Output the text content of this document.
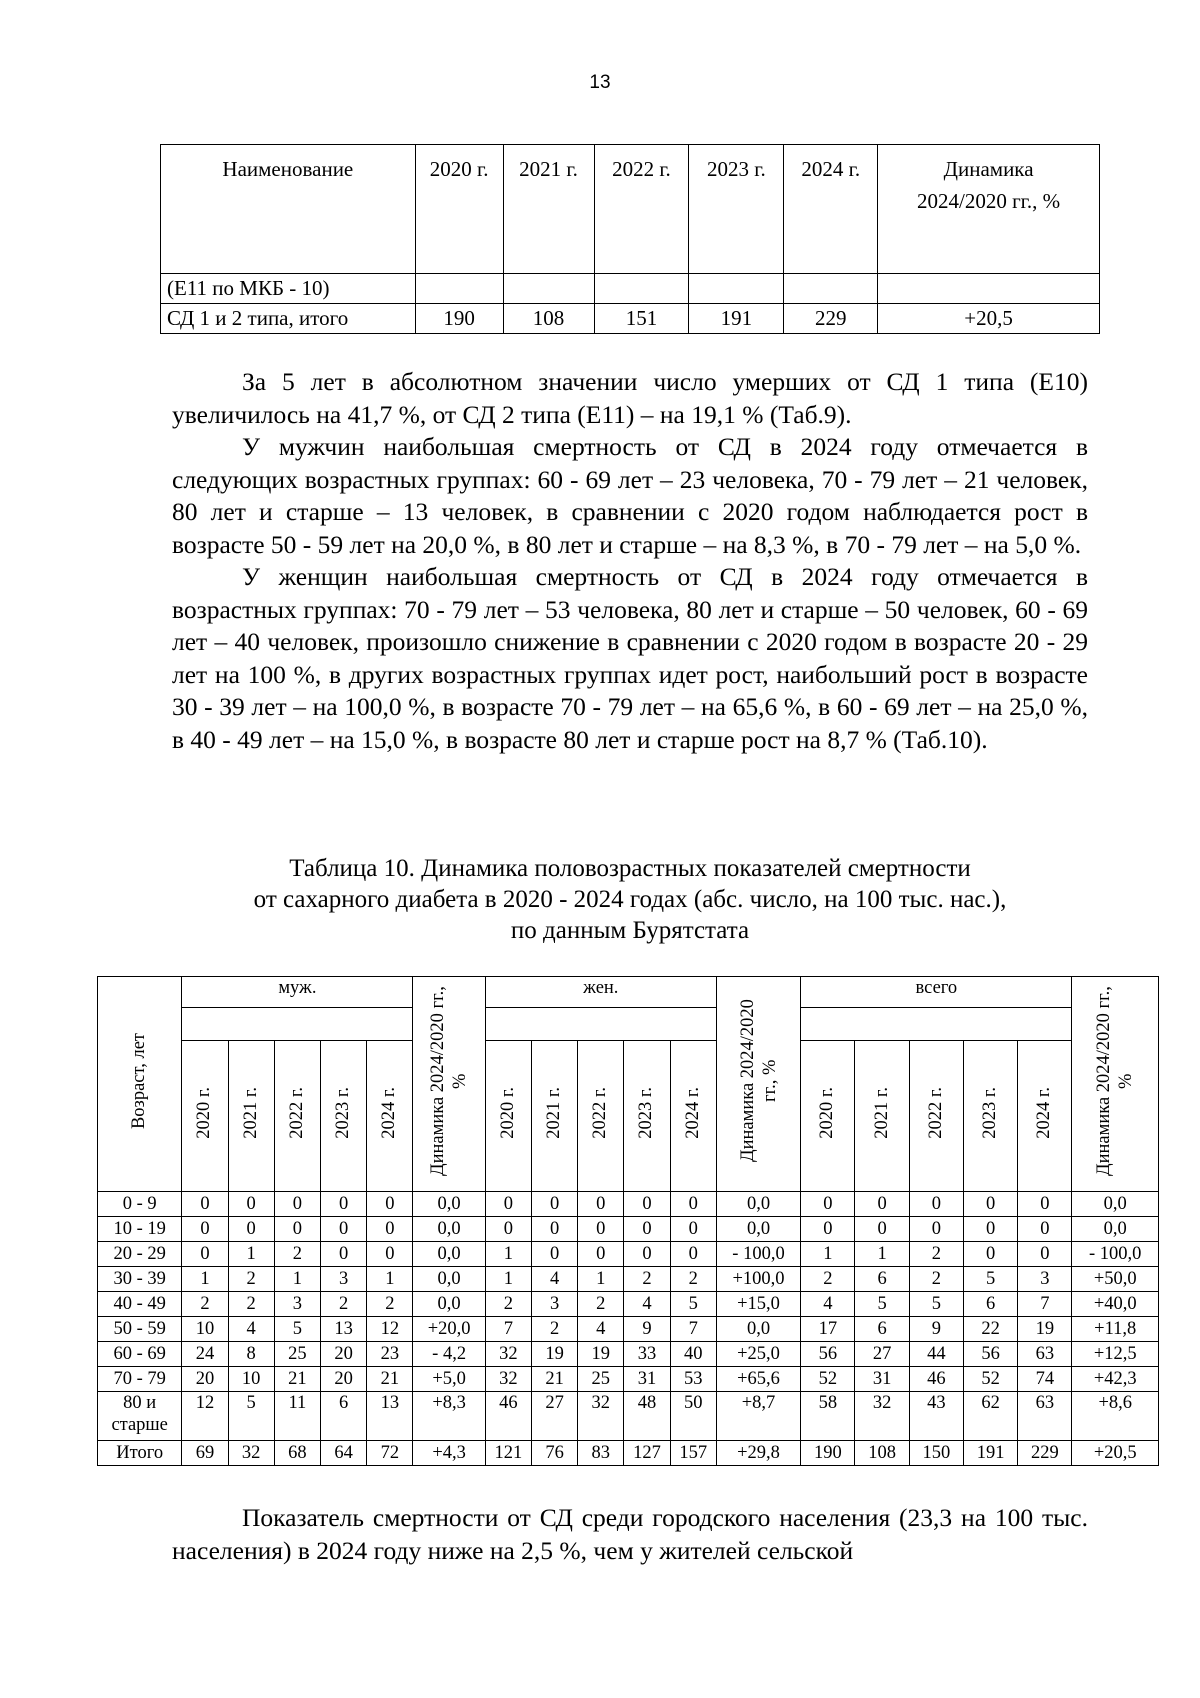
13
Наименование	2020 г.	2021 г.	2022 г.	2023 г.	2024 г.	Динамика 2024/2020 гг., %
(Е11 по МКБ - 10)						
СД 1 и 2 типа, итого	190	108	151	191	229	+20,5

За 5 лет в абсолютном значении число умерших от СД 1 типа (Е10) увеличилось на 41,7 %, от СД 2 типа (Е11) – на 19,1 % (Таб.9).

У мужчин наибольшая смертность от СД в 2024 году отмечается в следующих возрастных группах: 60 - 69 лет – 23 человека, 70 - 79 лет – 21 человек, 80 лет и старше – 13 человек, в сравнении с 2020 годом наблюдается рост в возрасте 50 - 59 лет на 20,0 %, в 80 лет и старше – на 8,3 %, в 70 - 79 лет – на 5,0 %.

У женщин наибольшая смертность от СД в 2024 году отмечается в возрастных группах: 70 - 79 лет – 53 человека, 80 лет и старше – 50 человек, 60 - 69 лет – 40 человек, произошло снижение в сравнении с 2020 годом в возрасте 20 - 29 лет на 100 %, в других возрастных группах идет рост, наибольший рост в возрасте 30 - 39 лет – на 100,0 %, в возрасте 70 - 79 лет – на 65,6 %, в 60 - 69 лет – на 25,0 %, в 40 - 49 лет – на 15,0 %, в возрасте 80 лет и старше рост на 8,7 % (Таб.10).

Таблица 10. Динамика половозрастных показателей смертности
от сахарного диабета в 2020 - 2024 годах (абс. число, на 100 тыс. нас.),
по данным Бурятстата
Возраст, лет	муж.					Динамика 2024/2020 гг., %	жен.					Динамика 2024/2020 гг., %	всего					Динамика 2024/2020 гг., %

	2020 г.	2021 г.	2022 г.	2023 г.	2024 г.		2020 г.	2021 г.	2022 г.	2023 г.	2024 г.		2020 г.	2021 г.	2022 г.	2023 г.	2024 г.	
0 - 9	0	0	0	0	0	0,0	0	0	0	0	0	0,0	0	0	0	0	0	0,0
10 - 19	0	0	0	0	0	0,0	0	0	0	0	0	0,0	0	0	0	0	0	0,0
20 - 29	0	1	2	0	0	0,0	1	0	0	0	0	- 100,0	1	1	2	0	0	- 100,0
30 - 39	1	2	1	3	1	0,0	1	4	1	2	2	+100,0	2	6	2	5	3	+50,0
40 - 49	2	2	3	2	2	0,0	2	3	2	4	5	+15,0	4	5	5	6	7	+40,0
50 - 59	10	4	5	13	12	+20,0	7	2	4	9	7	0,0	17	6	9	22	19	+11,8
60 - 69	24	8	25	20	23	- 4,2	32	19	19	33	40	+25,0	56	27	44	56	63	+12,5
70 - 79	20	10	21	20	21	+5,0	32	21	25	31	53	+65,6	52	31	46	52	74	+42,3
80 и старше	12	5	11	6	13	+8,3	46	27	32	48	50	+8,7	58	32	43	62	63	+8,6
Итого	69	32	68	64	72	+4,3	121	76	83	127	157	+29,8	190	108	150	191	229	+20,5

Показатель смертности от СД среди городского населения (23,3 на 100 тыс. населения) в 2024 году ниже на 2,5 %, чем у жителей сельской
